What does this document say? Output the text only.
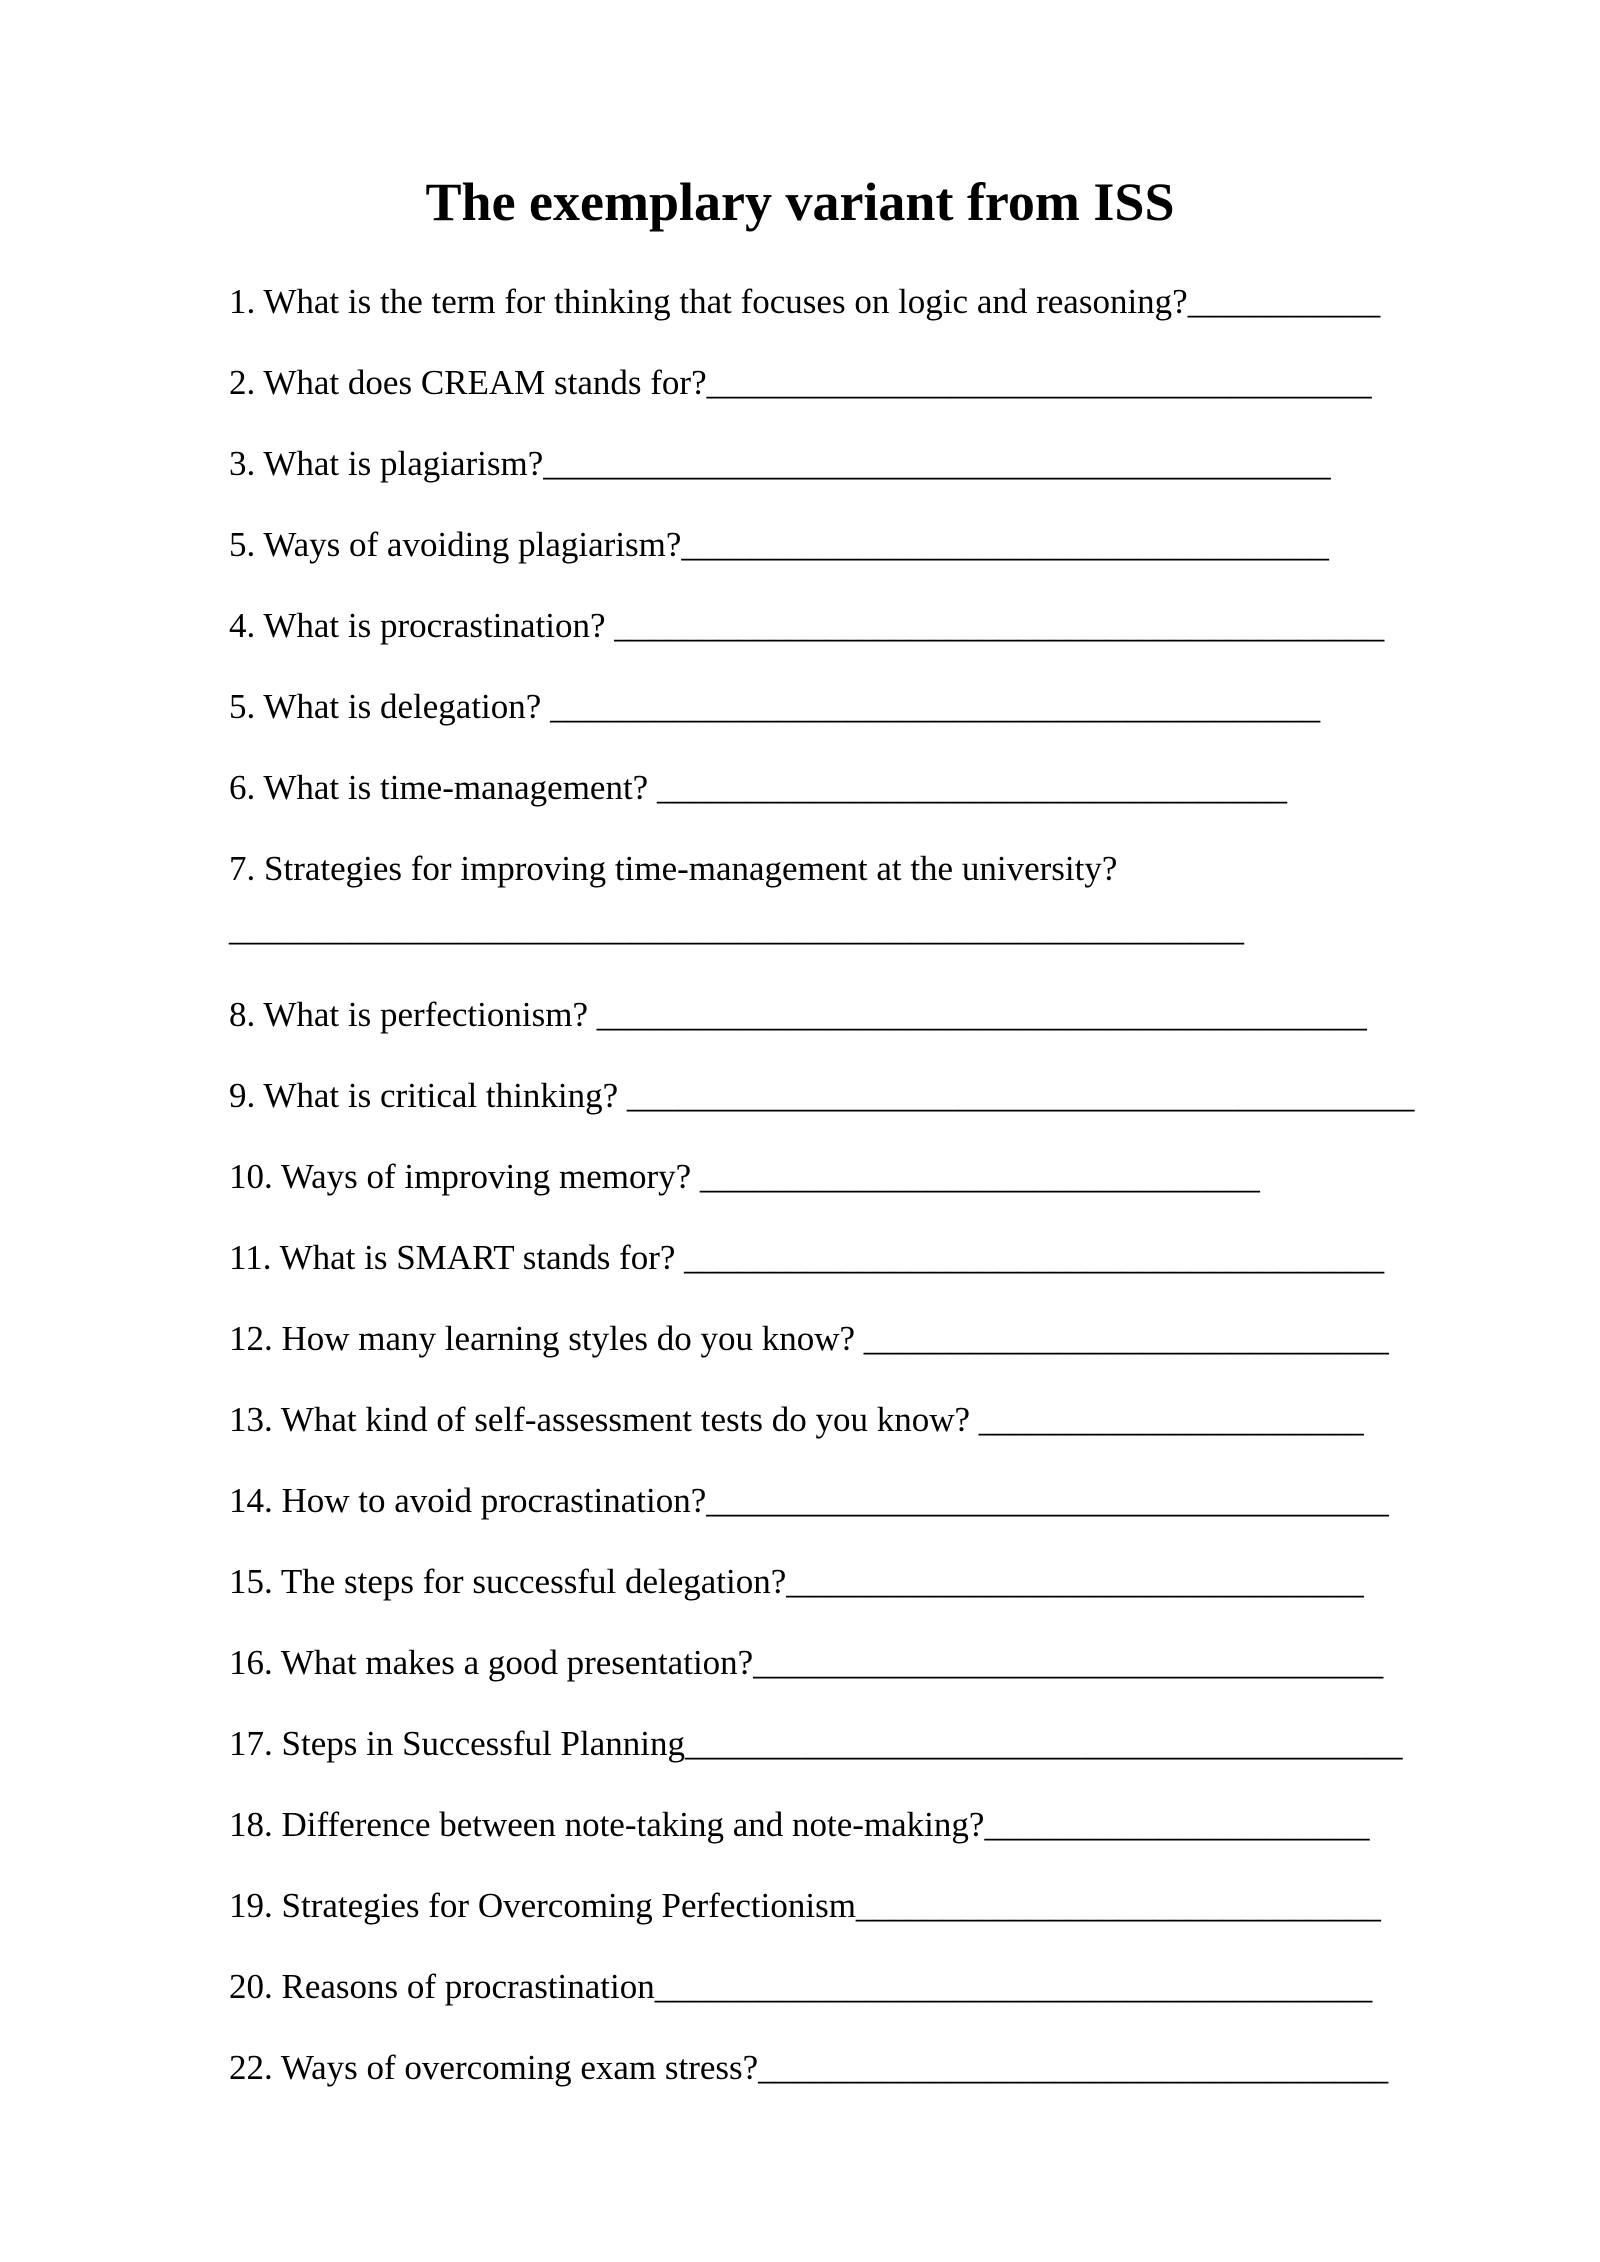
The exemplary variant from ISS
1. What is the term for thinking that focuses on logic and reasoning?___________
2. What does CREAM stands for?______________________________________
3. What is plagiarism?_____________________________________________
5. Ways of avoiding plagiarism?_____________________________________
4. What is procrastination? ____________________________________________
5. What is delegation? ____________________________________________
6. What is time-management? ____________________________________
7. Strategies for improving time-management at the university?
__________________________________________________________
8. What is perfectionism? ____________________________________________
9. What is critical thinking? _____________________________________________
10. Ways of improving memory? ________________________________
11. What is SMART stands for? ________________________________________
12. How many learning styles do you know? ______________________________
13. What kind of self-assessment tests do you know? ______________________
14. How to avoid procrastination?_______________________________________
15. The steps for successful delegation?_________________________________
16. What makes a good presentation?____________________________________
17. Steps in Successful Planning_________________________________________
18. Difference between note-taking and note-making?______________________
19. Strategies for Overcoming Perfectionism______________________________
20. Reasons of procrastination_________________________________________
22. Ways of overcoming exam stress?____________________________________
